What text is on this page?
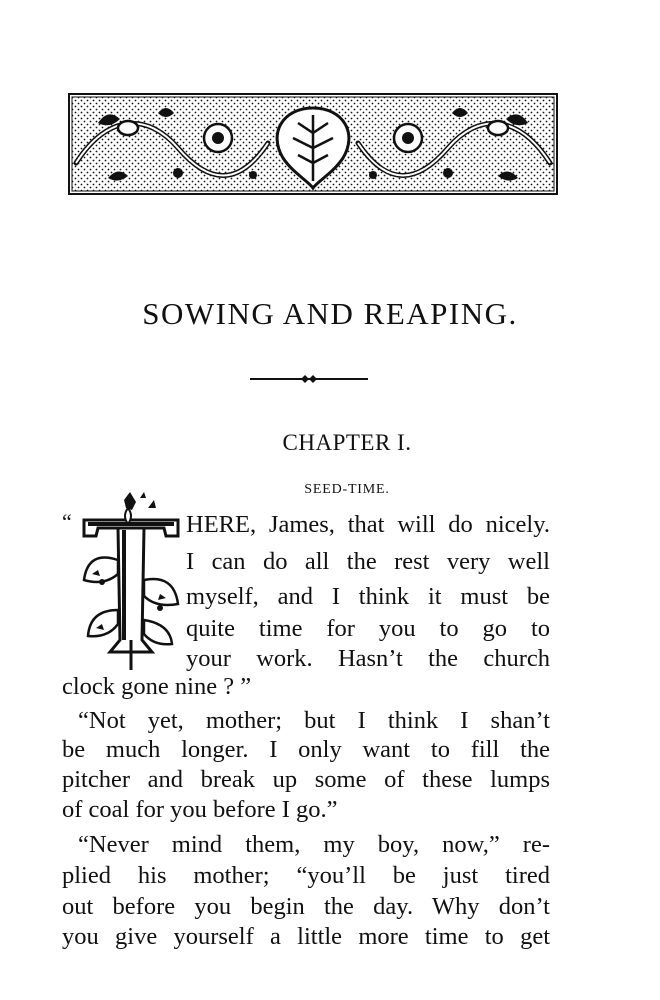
SOWING AND REAPING.
CHAPTER I.
SEED-TIME.
“	HERE, James, that will do nicely.
I can do all the rest very well
myself, and I think it must be
quite time for you to go to
your work. Hasn’t the church
clock gone nine ? ”
“Not yet, mother; but I think I shan’t
be much longer. I only want to fill the
pitcher and break up some of these lumps
of coal for you before I go.”
“Never mind them, my boy, now,” re-
plied his mother; “you’ll be just tired
out before you begin the day. Why don’t
you give yourself a little more time to get
